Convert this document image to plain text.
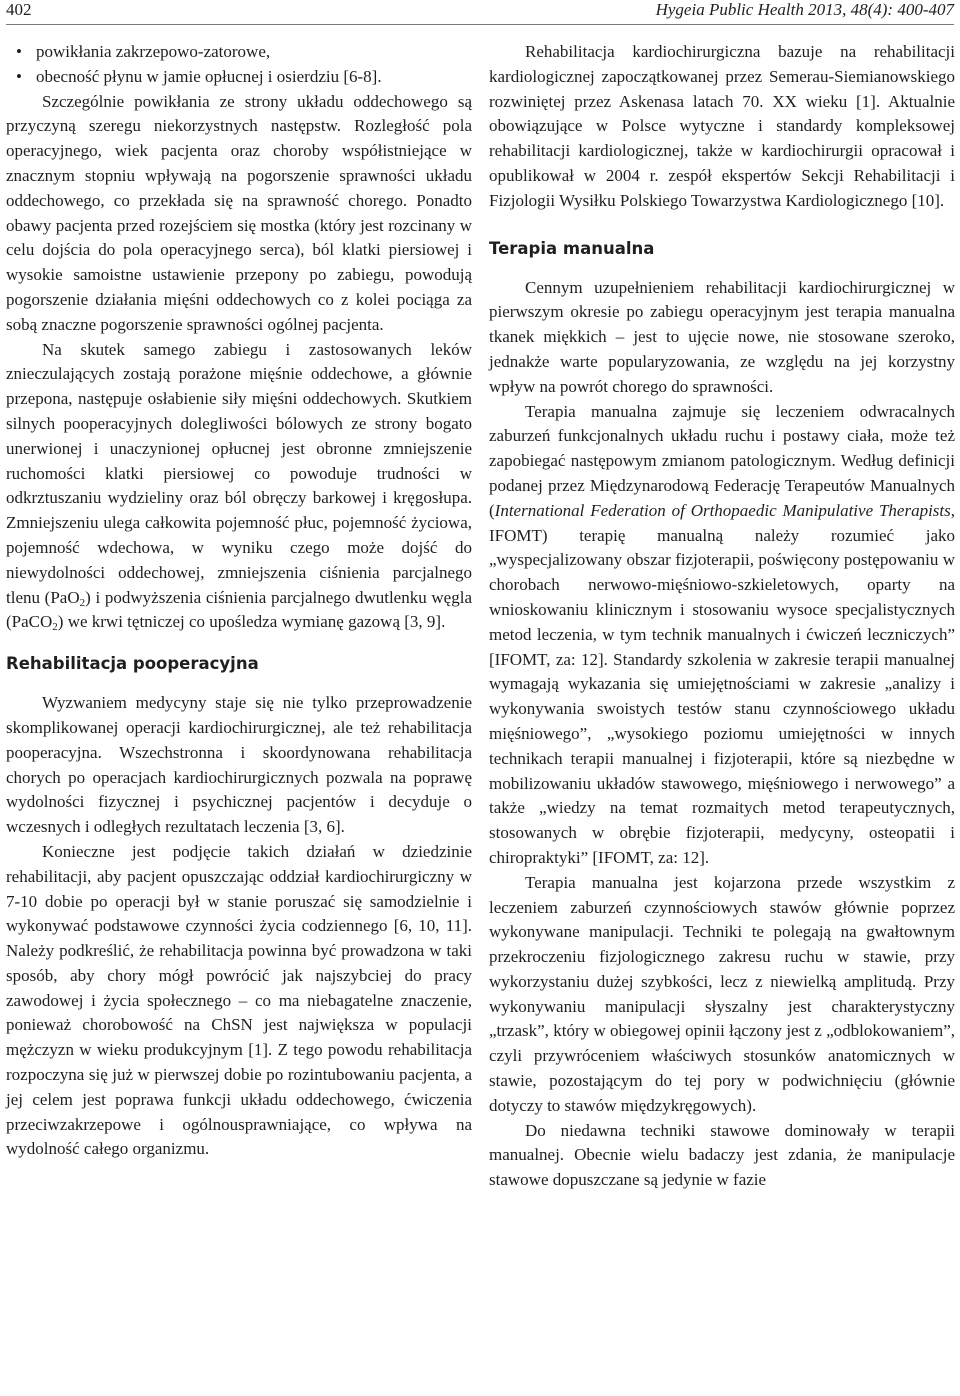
402	Hygeia Public Health 2013, 48(4): 400-407
• powikłania zakrzepowo-zatorowe,
• obecność płynu w jamie opłucnej i osierdziu [6-8].

Szczególnie powikłania ze strony układu oddechowego są przyczyną szeregu niekorzystnych następstw. Rozległość pola operacyjnego, wiek pacjenta oraz choroby współistniejące w znacznym stopniu wpływają na pogorszenie sprawności układu oddechowego, co przekłada się na sprawność chorego. Ponadto obawy pacjenta przed rozejściem się mostka (który jest rozcinany w celu dojścia do pola operacyjnego serca), ból klatki piersiowej i wysokie samoistne ustawienie przepony po zabiegu, powodują pogorszenie działania mięśni oddechowych co z kolei pociąga za sobą znaczne pogorszenie sprawności ogólnej pacjenta.

Na skutek samego zabiegu i zastosowanych leków znieczulających zostają porażone mięśnie oddechowe, a głównie przepona, następuje osłabienie siły mięśni oddechowych. Skutkiem silnych pooperacyjnych dolegliwości bólowych ze strony bogato unerwionej i unaczynionej opłucnej jest obronne zmniejszenie ruchomości klatki piersiowej co powoduje trudności w odkrztuszaniu wydzieliny oraz ból obręczy barkowej i kręgosłupa. Zmniejszeniu ulega całkowita pojemność płuc, pojemność życiowa, pojemność wdechowa, w wyniku czego może dojść do niewydolności oddechowej, zmniejszenia ciśnienia parcjalnego tlenu (PaO$_2$) i podwyższenia ciśnienia parcjalnego dwutlenku węgla (PaCO$_2$) we krwi tętniczej co upośledza wymianę gazową [3, 9].

Rehabilitacja pooperacyjna

Wyzwaniem medycyny staje się nie tylko przeprowadzenie skomplikowanej operacji kardiochirurgicznej, ale też rehabilitacja pooperacyjna. Wszechstronna i skoordynowana rehabilitacja chorych po operacjach kardiochirurgicznych pozwala na poprawę wydolności fizycznej i psychicznej pacjentów i decyduje o wczesnych i odległych rezultatach leczenia [3, 6].

Konieczne jest podjęcie takich działań w dziedzinie rehabilitacji, aby pacjent opuszczając oddział kardiochirurgiczny w 7-10 dobie po operacji był w stanie poruszać się samodzielnie i wykonywać podstawowe czynności życia codziennego [6, 10, 11]. Należy podkreślić, że rehabilitacja powinna być prowadzona w taki sposób, aby chory mógł powrócić jak najszybciej do pracy zawodowej i życia społecznego – co ma niebagatelne znaczenie, ponieważ chorobowość na ChSN jest największa w populacji mężczyzn w wieku produkcyjnym [1]. Z tego powodu rehabilitacja rozpoczyna się już w pierwszej dobie po rozintubowaniu pacjenta, a jej celem jest poprawa funkcji układu oddechowego, ćwiczenia przeciwzakrzepowe i ogólnousprawniające, co wpływa na wydolność całego organizmu.

Rehabilitacja kardiochirurgiczna bazuje na rehabilitacji kardiologicznej zapoczątkowanej przez Semerau-Siemianowskiego rozwiniętej przez Askenasa latach 70. XX wieku [1]. Aktualnie obowiązujące w Polsce wytyczne i standardy kompleksowej rehabilitacji kardiologicznej, także w kardiochirurgii opracował i opublikował w 2004 r. zespół ekspertów Sekcji Rehabilitacji i Fizjologii Wysiłku Polskiego Towarzystwa Kardiologicznego [10].

Terapia manualna

Cennym uzupełnieniem rehabilitacji kardiochirurgicznej w pierwszym okresie po zabiegu operacyjnym jest terapia manualna tkanek miękkich – jest to ujęcie nowe, nie stosowane szeroko, jednakże warte popularyzowania, ze względu na jej korzystny wpływ na powrót chorego do sprawności.

Terapia manualna zajmuje się leczeniem odwracalnych zaburzeń funkcjonalnych układu ruchu i postawy ciała, może też zapobiegać następowym zmianom patologicznym. Według definicji podanej przez Międzynarodową Federację Terapeutów Manualnych (International Federation of Orthopaedic Manipulative Therapists, IFOMT) terapię manualną należy rozumieć jako „wyspecjalizowany obszar fizjoterapii, poświęcony postępowaniu w chorobach nerwowo-mięśniowo-szkieletowych, oparty na wnioskowaniu klinicznym i stosowaniu wysoce specjalistycznych metod leczenia, w tym technik manualnych i ćwiczeń leczniczych” [IFOMT, za: 12]. Standardy szkolenia w zakresie terapii manualnej wymagają wykazania się umiejętnościami w zakresie „analizy i wykonywania swoistych testów stanu czynnościowego układu mięśniowego”, „wysokiego poziomu umiejętności w innych technikach terapii manualnej i fizjoterapii, które są niezbędne w mobilizowaniu układów stawowego, mięśniowego i nerwowego” a także „wiedzy na temat rozmaitych metod terapeutycznych, stosowanych w obrębie fizjoterapii, medycyny, osteopatii i chiropraktyki” [IFOMT, za: 12].

Terapia manualna jest kojarzona przede wszystkim z leczeniem zaburzeń czynnościowych stawów głównie poprzez wykonywane manipulacji. Techniki te polegają na gwałtownym przekroczeniu fizjologicznego zakresu ruchu w stawie, przy wykorzystaniu dużej szybkości, lecz z niewielką amplitudą. Przy wykonywaniu manipulacji słyszalny jest charakterystyczny „trzask”, który w obiegowej opinii łączony jest z „odblokowaniem”, czyli przywróceniem właściwych stosunków anatomicznych w stawie, pozostającym do tej pory w podwichnięciu (głównie dotyczy to stawów międzykręgowych).

Do niedawna techniki stawowe dominowały w terapii manualnej. Obecnie wielu badaczy jest zdania, że manipulacje stawowe dopuszczane są jedynie w fazie
